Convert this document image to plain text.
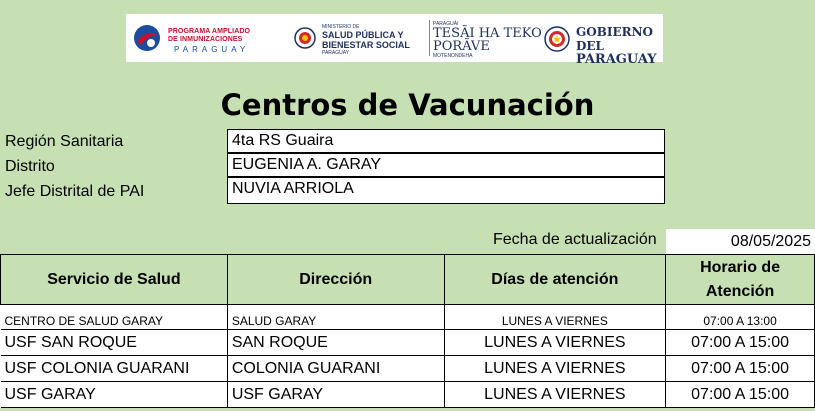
PROGRAMA AMPLIADO
DE INMUNIZACIONES
PARAGUAY
MINISTERIO DE
SALUD PÚBLICA Y
BIENESTAR SOCIAL
PARAGUAY
PARAGUÁI
TESÃI HA TEKO
PORÃVE
MOTENONDEHA
GOBIERNO DEL
PARAGUAY
Centros de Vacunación
Región Sanitaria	4ta RS Guaira
Distrito	EUGENIA A. GARAY
Jefe Distrital de PAI	NUVIA ARRIOLA
Fecha de actualización	08/05/2025
Servicio de Salud	Dirección	Días de atención	Horario de Atención
CENTRO DE SALUD GARAY	SALUD GARAY	LUNES A VIERNES	07:00 A 13:00
USF SAN ROQUE	SAN ROQUE	LUNES A VIERNES	07:00 A 15:00
USF COLONIA GUARANI	COLONIA GUARANI	LUNES A VIERNES	07:00 A 15:00
USF GARAY	USF GARAY	LUNES A VIERNES	07:00 A 15:00
